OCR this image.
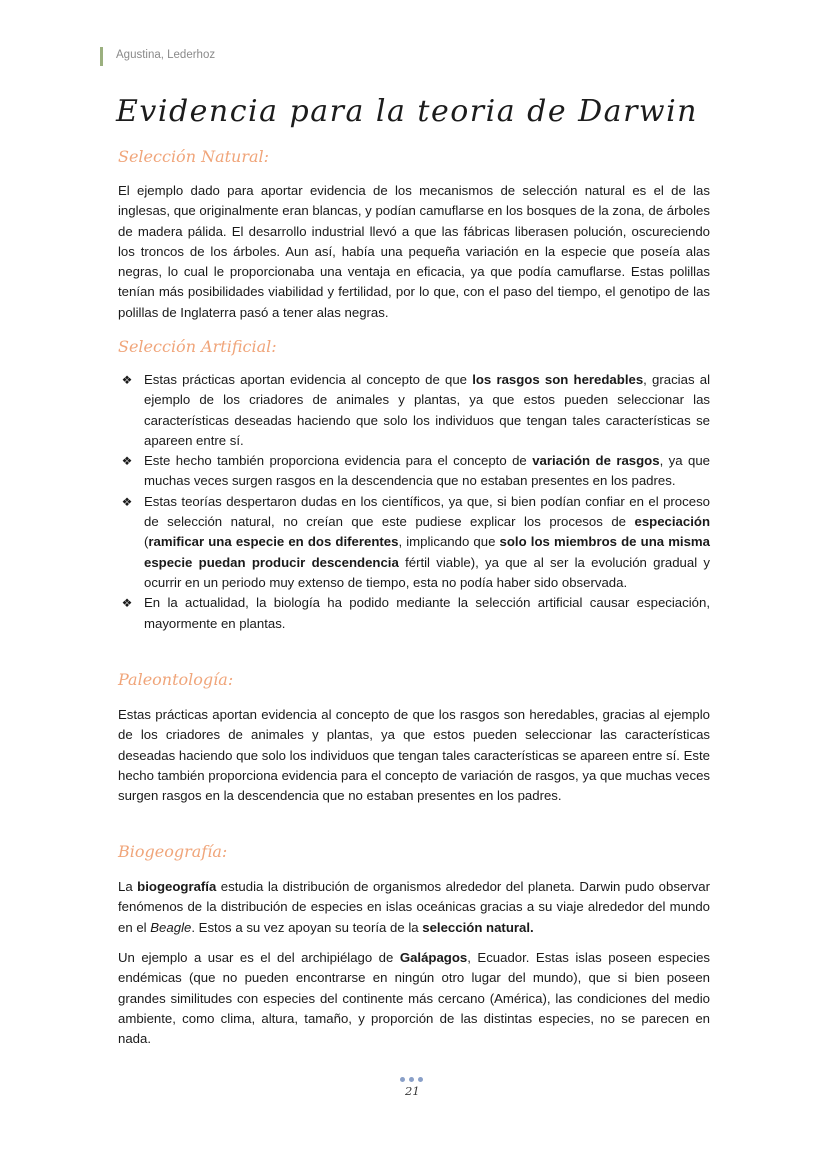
Agustina, Lederhoz
Evidencia para la teoria de Darwin
Selección Natural:

El ejemplo dado para aportar evidencia de los mecanismos de selección natural es el de las inglesas, que originalmente eran blancas, y podían camuflarse en los bosques de la zona, de árboles de madera pálida. El desarrollo industrial llevó a que las fábricas liberasen polución, oscureciendo los troncos de los árboles. Aun así, había una pequeña variación en la especie que poseía alas negras, lo cual le proporcionaba una ventaja en eficacia, ya que podía camuflarse. Estas polillas tenían más posibilidades viabilidad y fertilidad, por lo que, con el paso del tiempo, el genotipo de las polillas de Inglaterra pasó a tener alas negras.

Selección Artificial:
❖ Estas prácticas aportan evidencia al concepto de que los rasgos son heredables, gracias al ejemplo de los criadores de animales y plantas, ya que estos pueden seleccionar las características deseadas haciendo que solo los individuos que tengan tales características se apareen entre sí.
❖ Este hecho también proporciona evidencia para el concepto de variación de rasgos, ya que muchas veces surgen rasgos en la descendencia que no estaban presentes en los padres.
❖ Estas teorías despertaron dudas en los científicos, ya que, si bien podían confiar en el proceso de selección natural, no creían que este pudiese explicar los procesos de especiación (ramificar una especie en dos diferentes, implicando que solo los miembros de una misma especie puedan producir descendencia fértil viable), ya que al ser la evolución gradual y ocurrir en un periodo muy extenso de tiempo, esta no podía haber sido observada.
❖ En la actualidad, la biología ha podido mediante la selección artificial causar especiación, mayormente en plantas.
Paleontología:

Estas prácticas aportan evidencia al concepto de que los rasgos son heredables, gracias al ejemplo de los criadores de animales y plantas, ya que estos pueden seleccionar las características deseadas haciendo que solo los individuos que tengan tales características se apareen entre sí. Este hecho también proporciona evidencia para el concepto de variación de rasgos, ya que muchas veces surgen rasgos en la descendencia que no estaban presentes en los padres.

Biogeografía:

La biogeografía estudia la distribución de organismos alrededor del planeta. Darwin pudo observar fenómenos de la distribución de especies en islas oceánicas gracias a su viaje alrededor del mundo en el Beagle. Estos a su vez apoyan su teoría de la selección natural.

Un ejemplo a usar es el del archipiélago de Galápagos, Ecuador. Estas islas poseen especies endémicas (que no pueden encontrarse en ningún otro lugar del mundo), que si bien poseen grandes similitudes con especies del continente más cercano (América), las condiciones del medio ambiente, como clima, altura, tamaño, y proporción de las distintas especies, no se parecen en nada.

21
